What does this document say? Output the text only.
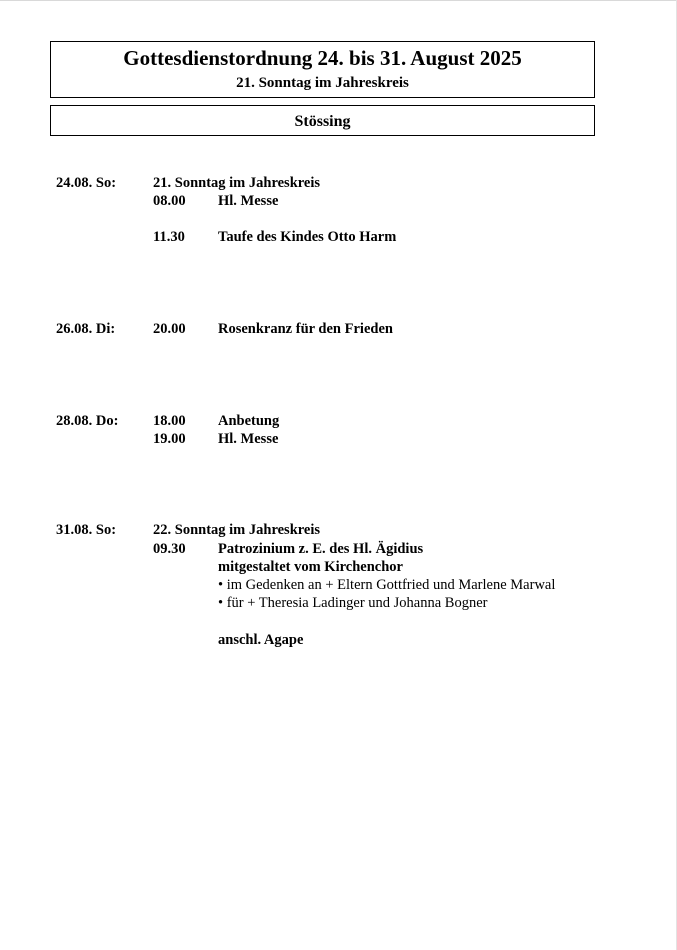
Gottesdienstordnung 24. bis 31. August 2025
21. Sonntag im Jahreskreis
Stössing
24.08. So:	21. Sonntag im Jahreskreis
08.00 Hl. Messe
11.30 Taufe des Kindes Otto Harm
26.08. Di:	20.00 Rosenkranz für den Frieden
28.08. Do: 18.00 Anbetung
19.00 Hl. Messe
31.08. So:	22. Sonntag im Jahreskreis
09.30 Patrozinium z. E. des Hl. Ägidius
mitgestaltet vom Kirchenchor
• im Gedenken an + Eltern Gottfried und Marlene Marwal
• für + Theresia Ladinger und Johanna Bogner
anschl. Agape
